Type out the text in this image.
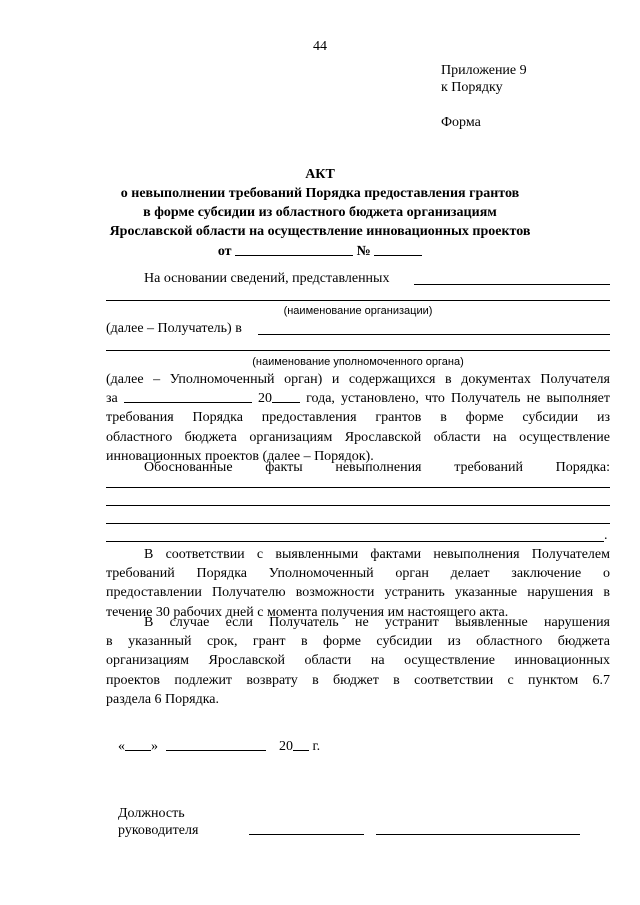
44
Приложение 9
к Порядку
Форма
АКТ
о невыполнении требований Порядка предоставления грантов
в форме субсидии из областного бюджета организациям
Ярославской области на осуществление инновационных проектов
от	№
На основании сведений, представленных
(наименование организации)
(далее – Получатель) в
(наименование уполномоченного органа)
(далее – Уполномоченный орган) и содержащихся в документах Получателя
за	20 года, установлено, что Получатель не выполняет
требования Порядка предоставления грантов в форме субсидии из
областного бюджета организациям Ярославской области на осуществление
инновационных проектов (далее – Порядок).
Обоснованные факты невыполнения требований Порядка:
.
В соответствии с выявленными фактами невыполнения Получателем
требований Порядка Уполномоченный орган делает заключение о
предоставлении Получателю возможности устранить указанные нарушения в
течение 30 рабочих дней с момента получения им настоящего акта.
В случае если Получатель не устранит выявленные нарушения
в указанный срок, грант в форме субсидии из областного бюджета
организациям Ярославской области на осуществление инновационных
проектов подлежит возврату в бюджет в соответствии с пунктом 6.7
раздела 6 Порядка.
« »	20 г.
Должность
руководителя
